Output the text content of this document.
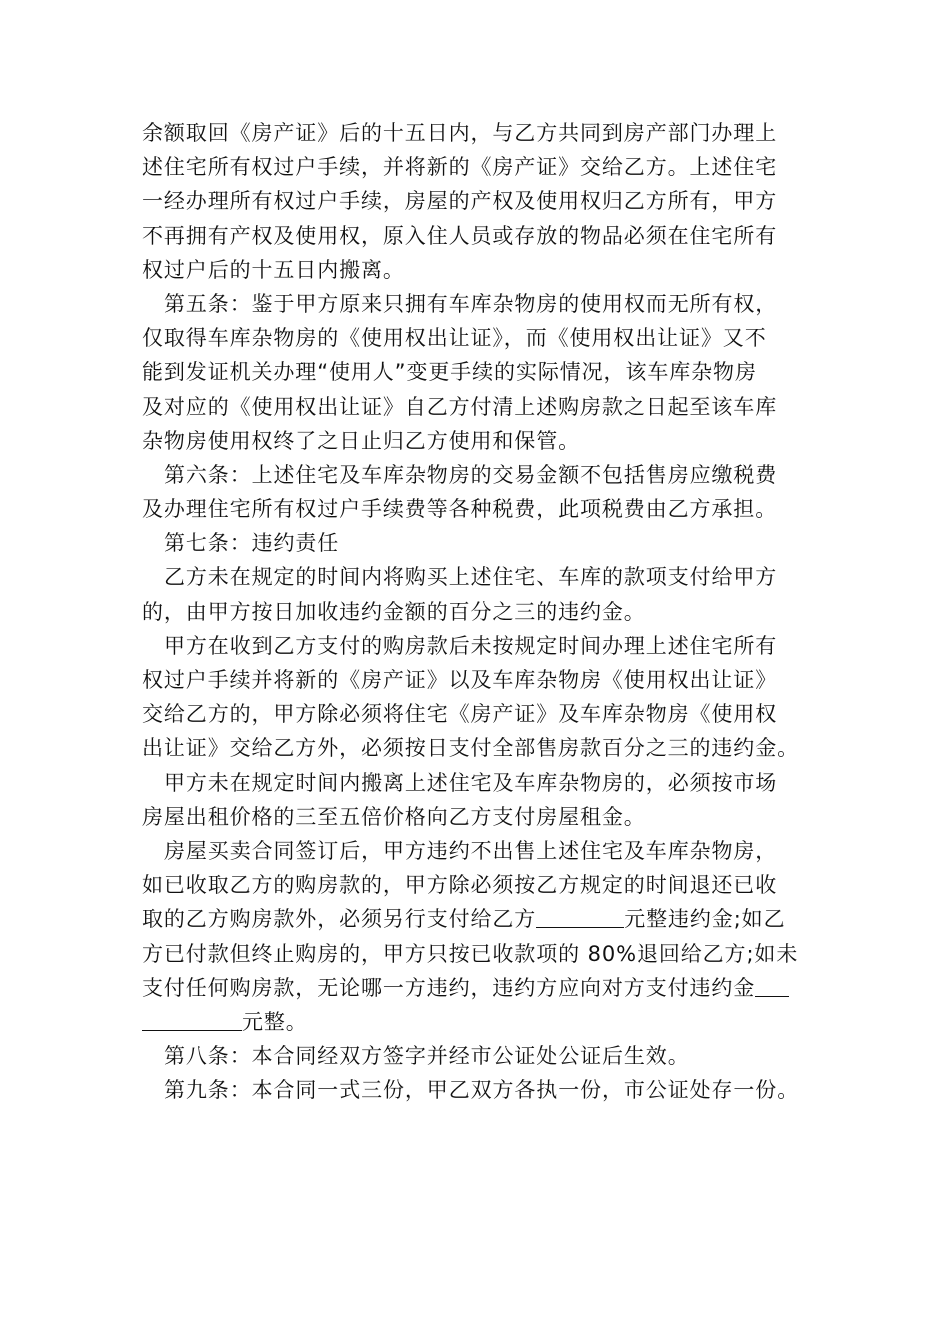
余额取回《房产证》后的十五日内，与乙方共同到房产部门办理上
述住宅所有权过户手续，并将新的《房产证》交给乙方。上述住宅
一经办理所有权过户手续，房屋的产权及使用权归乙方所有，甲方
不再拥有产权及使用权，原入住人员或存放的物品必须在住宅所有
权过户后的十五日内搬离。
第五条：鉴于甲方原来只拥有车库杂物房的使用权而无所有权，
仅取得车库杂物房的《使用权出让证》，而《使用权出让证》又不
能到发证机关办理“使用人”变更手续的实际情况，该车库杂物房
及对应的《使用权出让证》自乙方付清上述购房款之日起至该车库
杂物房使用权终了之日止归乙方使用和保管。
第六条：上述住宅及车库杂物房的交易金额不包括售房应缴税费
及办理住宅所有权过户手续费等各种税费，此项税费由乙方承担。
第七条：违约责任
乙方未在规定的时间内将购买上述住宅、车库的款项支付给甲方
的，由甲方按日加收违约金额的百分之三的违约金。
甲方在收到乙方支付的购房款后未按规定时间办理上述住宅所有
权过户手续并将新的《房产证》以及车库杂物房《使用权出让证》
交给乙方的，甲方除必须将住宅《房产证》及车库杂物房《使用权
出让证》交给乙方外，必须按日支付全部售房款百分之三的违约金。
甲方未在规定时间内搬离上述住宅及车库杂物房的，必须按市场
房屋出租价格的三至五倍价格向乙方支付房屋租金。
房屋买卖合同签订后，甲方违约不出售上述住宅及车库杂物房，
如已收取乙方的购房款的，甲方除必须按乙方规定的时间退还已收
取的乙方购房款外，必须另行支付给乙方	元整违约金;如乙
方已付款但终止购房的，甲方只按已收款项的 80%退回给乙方;如未
支付任何购房款，无论哪一方违约，违约方应向对方支付违约金
元整。
第八条：本合同经双方签字并经市公证处公证后生效。
第九条：本合同一式三份，甲乙双方各执一份，市公证处存一份。
